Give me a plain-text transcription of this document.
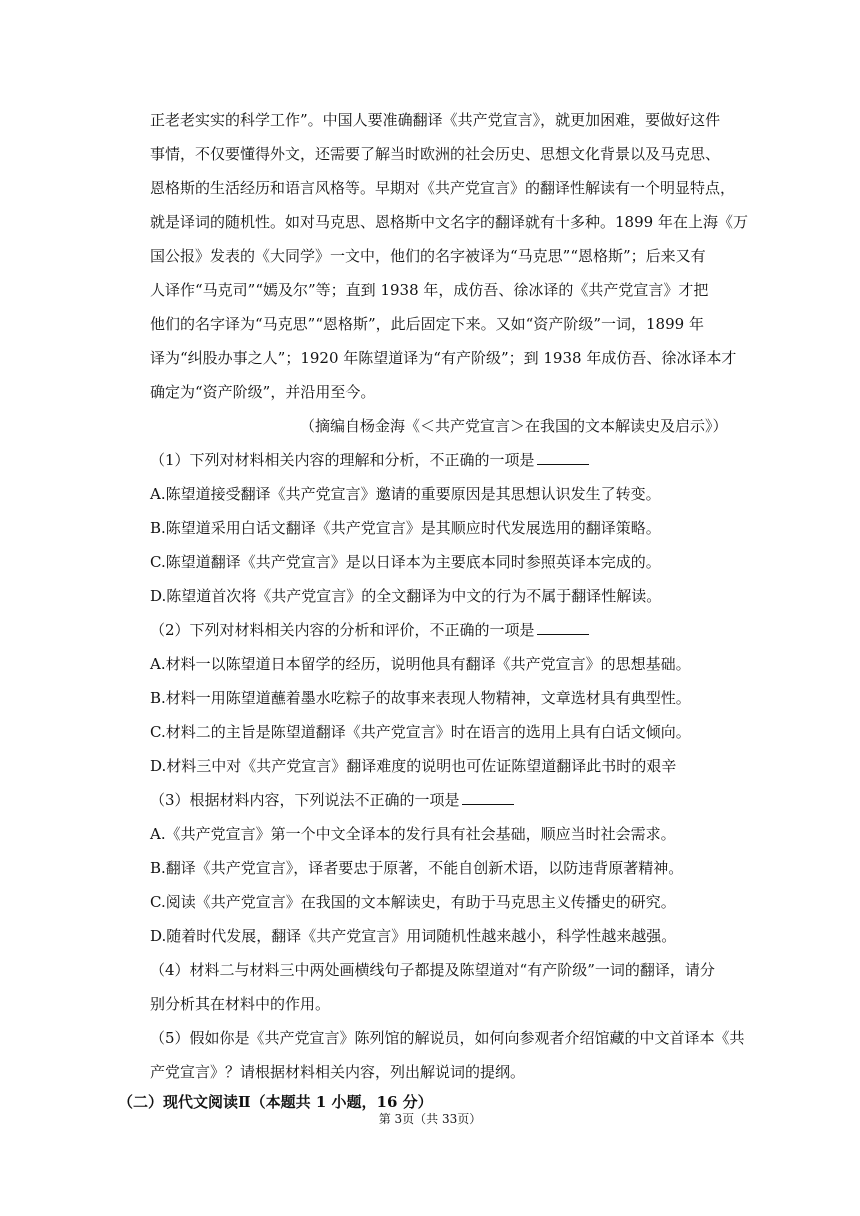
正老老实实的科学工作”。中国人要准确翻译《共产党宣言》，就更加困难，要做好这件

事情，不仅要懂得外文，还需要了解当时欧洲的社会历史、思想文化背景以及马克思、

恩格斯的生活经历和语言风格等。早期对《共产党宣言》的翻译性解读有一个明显特点，

就是译词的随机性。如对马克思、恩格斯中文名字的翻译就有十多种。1899 年在上海《万

国公报》发表的《大同学》一文中，他们的名字被译为“马克思”“恩格斯”；后来又有

人译作“马克司”“嫣及尔”等；直到 1938 年，成仿吾、徐冰译的《共产党宣言》才把

他们的名字译为“马克思”“恩格斯”，此后固定下来。又如“资产阶级”一词，1899 年

译为“纠股办事之人”；1920 年陈望道译为“有产阶级”；到 1938 年成仿吾、徐冰译本才

确定为“资产阶级”，并沿用至今。

（摘编自杨金海《＜共产党宣言＞在我国的文本解读史及启示》）

（1）下列对材料相关内容的理解和分析，不正确的一项是

A.陈望道接受翻译《共产党宣言》邀请的重要原因是其思想认识发生了转变。

B.陈望道采用白话文翻译《共产党宣言》是其顺应时代发展选用的翻译策略。

C.陈望道翻译《共产党宣言》是以日译本为主要底本同时参照英译本完成的。

D.陈望道首次将《共产党宣言》的全文翻译为中文的行为不属于翻译性解读。

（2）下列对材料相关内容的分析和评价，不正确的一项是

A.材料一以陈望道日本留学的经历，说明他具有翻译《共产党宣言》的思想基础。

B.材料一用陈望道蘸着墨水吃粽子的故事来表现人物精神，文章选材具有典型性。

C.材料二的主旨是陈望道翻译《共产党宣言》时在语言的选用上具有白话文倾向。

D.材料三中对《共产党宣言》翻译难度的说明也可佐证陈望道翻译此书时的艰辛

（3）根据材料内容，下列说法不正确的一项是

A.《共产党宣言》第一个中文全译本的发行具有社会基础，顺应当时社会需求。

B.翻译《共产党宣言》，译者要忠于原著，不能自创新术语，以防违背原著精神。

C.阅读《共产党宣言》在我国的文本解读史，有助于马克思主义传播史的研究。

D.随着时代发展，翻译《共产党宣言》用词随机性越来越小，科学性越来越强。

（4）材料二与材料三中两处画横线句子都提及陈望道对“有产阶级”一词的翻译，请分

别分析其在材料中的作用。

（5）假如你是《共产党宣言》陈列馆的解说员，如何向参观者介绍馆藏的中文首译本《共

产党宣言》？请根据材料相关内容，列出解说词的提纲。

（二）现代文阅读Ⅱ（本题共 1 小题，16 分）
第 3页（共 33页）
